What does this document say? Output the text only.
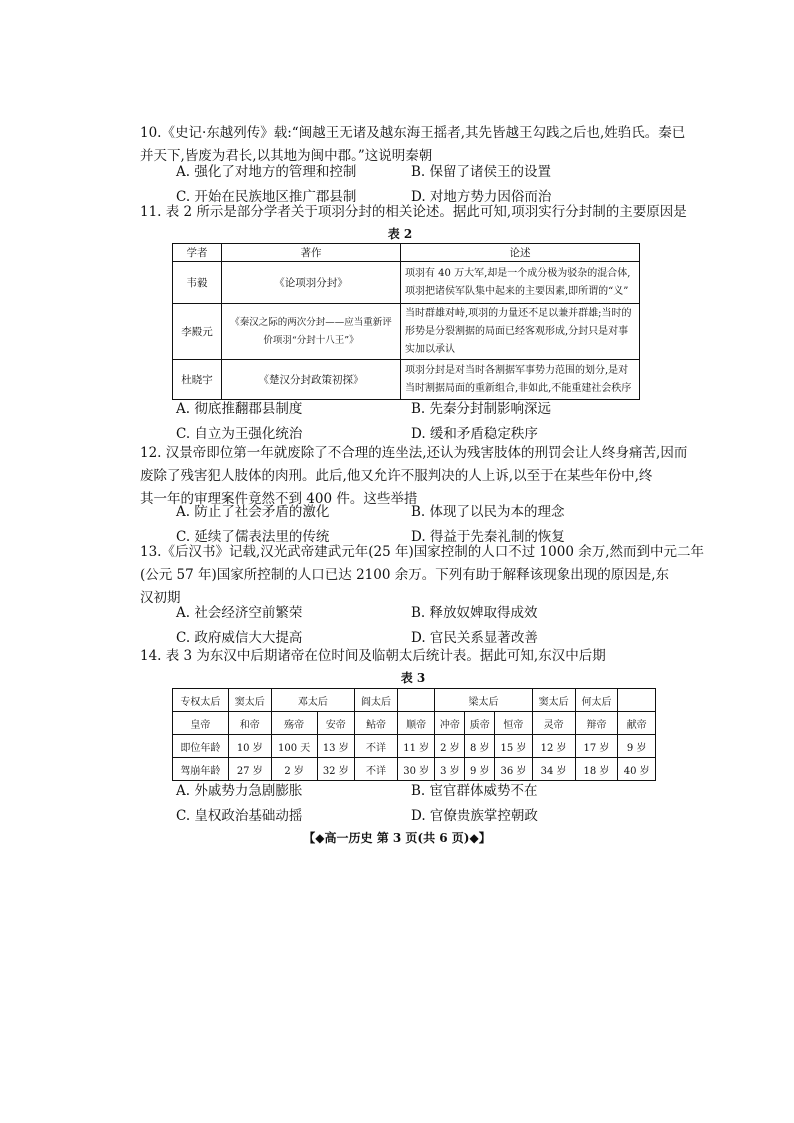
10.《史记·东越列传》载:“闽越王无诸及越东海王摇者,其先皆越王勾践之后也,姓驺氏。秦已
并天下,皆废为君长,以其地为闽中郡。”这说明秦朝
A. 强化了对地方的管理和控制	B. 保留了诸侯王的设置
C. 开始在民族地区推广郡县制	D. 对地方势力因俗而治
11. 表 2 所示是部分学者关于项羽分封的相关论述。据此可知,项羽实行分封制的主要原因是
表 2
学者	著作	论述
韦毅	《论项羽分封》	项羽有 40 万大军,却是一个成分极为驳杂的混合体,项羽把诸侯军队集中起来的主要因素,即所谓的“义”
李殿元	《秦汉之际的两次分封——应当重新评价项羽“分封十八王”》	当时群雄对峙,项羽的力量还不足以兼并群雄;当时的形势是分裂割据的局面已经客观形成,分封只是对事实加以承认
杜晓宇	《楚汉分封政策初探》	项羽分封是对当时各割据军事势力范围的划分,是对当时割据局面的重新组合,非如此,不能重建社会秩序
A. 彻底推翻郡县制度	B. 先秦分封制影响深远
C. 自立为王强化统治	D. 缓和矛盾稳定秩序
12. 汉景帝即位第一年就废除了不合理的连坐法,还认为残害肢体的刑罚会让人终身痛苦,因而
废除了残害犯人肢体的肉刑。此后,他又允许不服判决的人上诉,以至于在某些年份中,终
其一年的审理案件竟然不到 400 件。这些举措
A. 防止了社会矛盾的激化	B. 体现了以民为本的理念
C. 延续了儒表法里的传统	D. 得益于先秦礼制的恢复
13.《后汉书》记载,汉光武帝建武元年(25 年)国家控制的人口不过 1000 余万,然而到中元二年
(公元 57 年)国家所控制的人口已达 2100 余万。下列有助于解释该现象出现的原因是,东
汉初期
A. 社会经济空前繁荣	B. 释放奴婢取得成效
C. 政府威信大大提高	D. 官民关系显著改善
14. 表 3 为东汉中后期诸帝在位时间及临朝太后统计表。据此可知,东汉中后期
表 3
专权太后	窦太后	邓太后		阎太后		梁太后			窦太后	何太后	
皇帝	和帝	殇帝	安帝	鲇帝	顺帝	冲帝	质帝	恒帝	灵帝	辩帝	献帝
即位年龄	10 岁	100 天	13 岁	不详	11 岁	2 岁	8 岁	15 岁	12 岁	17 岁	9 岁
驾崩年龄	27 岁	2 岁	32 岁	不详	30 岁	3 岁	9 岁	36 岁	34 岁	18 岁	40 岁
A. 外戚势力急剧膨胀	B. 宦官群体威势不在
C. 皇权政治基础动摇	D. 官僚贵族掌控朝政
【◆高一历史 第 3 页(共 6 页)◆】
